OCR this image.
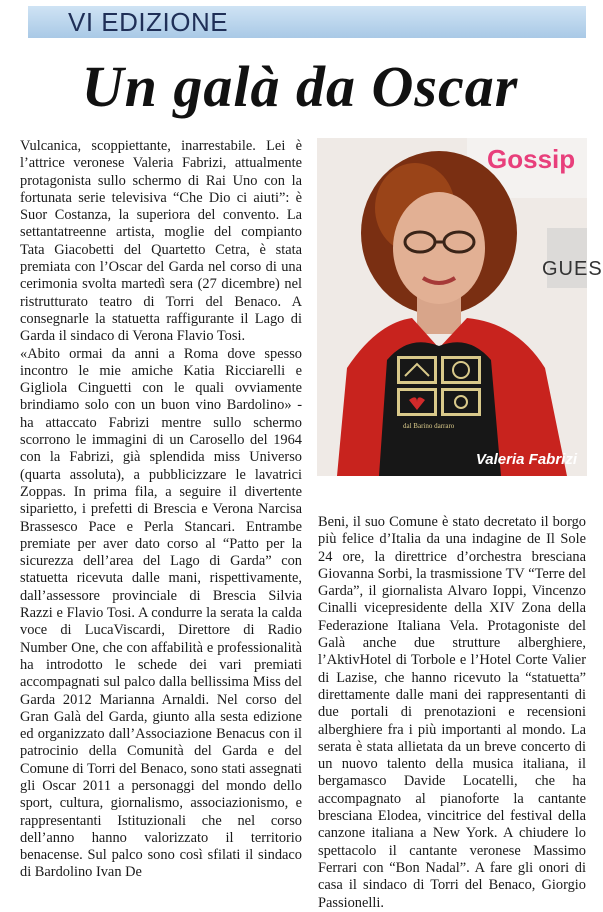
VI EDIZIONE
Un galà da Oscar

Vulcanica, scoppiettante, inarrestabile. Lei è l’attrice veronese Valeria Fabrizi, attualmente protagonista sullo schermo di Rai Uno con la fortunata serie televisiva “Che Dio ci aiuti”: è Suor Costanza, la superiora del convento. La settantatreenne artista, moglie del compianto Tata Giacobetti del Quartetto Cetra, è stata premiata con l’Oscar del Garda nel corso di una cerimonia svolta martedì sera (27 dicembre) nel ristrutturato teatro di Torri del Benaco. A consegnarle la statuetta raffigurante il Lago di Garda il sindaco di Verona Flavio Tosi.

«Abito ormai da anni a Roma dove spesso incontro le mie amiche Katia Ricciarelli e Gigliola Cinguetti con le quali ovviamente brindiamo solo con un buon vino Bardolino» - ha attaccato Fabrizi mentre sullo schermo scorrono le immagini di un Carosello del 1964 con la Fabrizi, già splendida miss Universo (quarta assoluta), a pubblicizzare le lavatrici Zoppas. In prima fila, a seguire il divertente siparietto, i prefetti di Brescia e Verona Narcisa Brassesco Pace e Perla Stancari. Entrambe premiate per aver dato corso al “Patto per la sicurezza dell’area del Lago di Garda” con statuetta ricevuta dalle mani, rispettivamente, dall’assessore provinciale di Brescia Silvia Razzi e Flavio Tosi. A condurre la serata la calda voce di LucaViscardi, Direttore di Radio Number One, che con affabilità e professionalità ha introdotto le schede dei vari premiati accompagnati sul palco dalla bellissima Miss del Garda 2012 Marianna Arnaldi. Nel corso del Gran Galà del Garda, giunto alla sesta edizione ed organizzato dall’Associazione Benacus con il patrocinio della Comunità del Garda e del Comune di Torri del Benaco, sono stati assegnati gli Oscar 2011 a personaggi del mondo dello sport, cultura, giornalismo, associazionismo, e rappresentanti Istituzionali che nel corso dell’anno hanno valorizzato il territorio benacense. Sul palco sono così sfilati il sindaco di Bardolino Ivan De

Gossip
GUES
dal Barino darraro
Valeria Fabrizi

Beni, il suo Comune è stato decretato il borgo più felice d’Italia da una indagine de Il Sole 24 ore, la direttrice d’orchestra bresciana Giovanna Sorbi, la trasmissione TV “Terre del Garda”, il giornalista Alvaro Ioppi, Vincenzo Cinalli vicepresidente della XIV Zona della Federazione Italiana Vela. Protagoniste del Galà anche due strutture alberghiere, l’AktivHotel di Torbole e l’Hotel Corte Valier di Lazise, che hanno ricevuto la “statuetta” direttamente dalle mani dei rappresentanti di due portali di prenotazioni e recensioni alberghiere fra i più importanti al mondo. La serata è stata allietata da un breve concerto di un nuovo talento della musica italiana, il bergamasco Davide Locatelli, che ha accompagnato al pianoforte la cantante bresciana Elodea, vincitrice del festival della canzone italiana a New York. A chiudere lo spettacolo il cantante veronese Massimo Ferrari con “Bon Nadal”. A fare gli onori di casa il sindaco di Torri del Benaco, Giorgio Passionelli.
